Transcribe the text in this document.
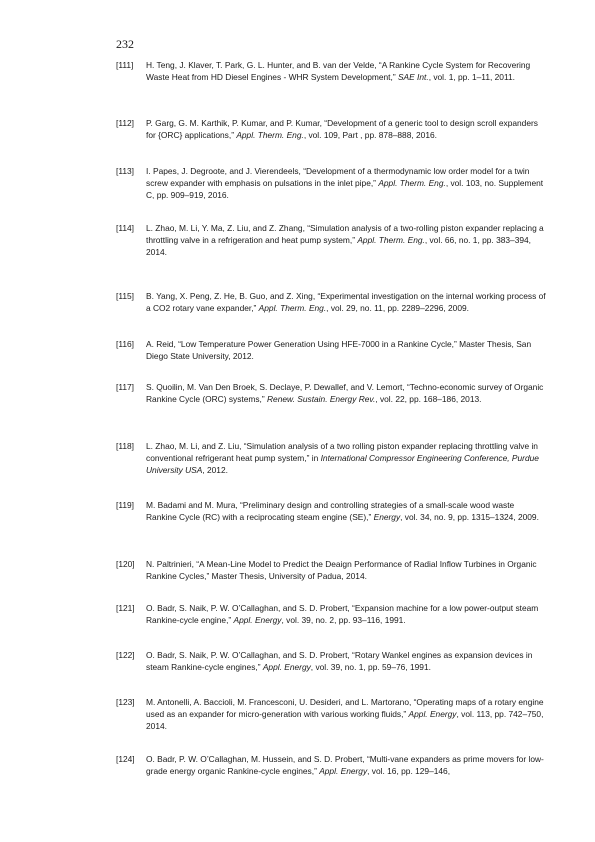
232
[111]	H. Teng, J. Klaver, T. Park, G. L. Hunter, and B. van der Velde, “A Rankine Cycle System for Recovering Waste Heat from HD Diesel Engines - WHR System Development,” SAE Int., vol. 1, pp. 1–11, 2011.
[112]	P. Garg, G. M. Karthik, P. Kumar, and P. Kumar, “Development of a generic tool to design scroll expanders for {ORC} applications,” Appl. Therm. Eng., vol. 109, Part , pp. 878–888, 2016.
[113]	I. Papes, J. Degroote, and J. Vierendeels, “Development of a thermodynamic low order model for a twin screw expander with emphasis on pulsations in the inlet pipe,” Appl. Therm. Eng., vol. 103, no. Supplement C, pp. 909–919, 2016.
[114]	L. Zhao, M. Li, Y. Ma, Z. Liu, and Z. Zhang, “Simulation analysis of a two-rolling piston expander replacing a throttling valve in a refrigeration and heat pump system,” Appl. Therm. Eng., vol. 66, no. 1, pp. 383–394, 2014.
[115]	B. Yang, X. Peng, Z. He, B. Guo, and Z. Xing, “Experimental investigation on the internal working process of a CO2 rotary vane expander,” Appl. Therm. Eng., vol. 29, no. 11, pp. 2289–2296, 2009.
[116]	A. Reid, “Low Temperature Power Generation Using HFE-7000 in a Rankine Cycle,” Master Thesis, San Diego State University, 2012.
[117]	S. Quoilin, M. Van Den Broek, S. Declaye, P. Dewallef, and V. Lemort, “Techno-economic survey of Organic Rankine Cycle (ORC) systems,” Renew. Sustain. Energy Rev., vol. 22, pp. 168–186, 2013.
[118]	L. Zhao, M. Li, and Z. Liu, “Simulation analysis of a two rolling piston expander replacing throttling valve in conventional refrigerant heat pump system,” in International Compressor Engineering Conference, Purdue University USA, 2012.
[119]	M. Badami and M. Mura, “Preliminary design and controlling strategies of a small-scale wood waste Rankine Cycle (RC) with a reciprocating steam engine (SE),” Energy, vol. 34, no. 9, pp. 1315–1324, 2009.
[120]	N. Paltrinieri, “A Mean-Line Model to Predict the Deaign Performance of Radial Inflow Turbines in Organic Rankine Cycles,” Master Thesis, University of Padua, 2014.
[121]	O. Badr, S. Naik, P. W. O’Callaghan, and S. D. Probert, “Expansion machine for a low power-output steam Rankine-cycle engine,” Appl. Energy, vol. 39, no. 2, pp. 93–116, 1991.
[122]	O. Badr, S. Naik, P. W. O’Callaghan, and S. D. Probert, “Rotary Wankel engines as expansion devices in steam Rankine-cycle engines,” Appl. Energy, vol. 39, no. 1, pp. 59–76, 1991.
[123]	M. Antonelli, A. Baccioli, M. Francesconi, U. Desideri, and L. Martorano, “Operating maps of a rotary engine used as an expander for micro-generation with various working fluids,” Appl. Energy, vol. 113, pp. 742–750, 2014.
[124]	O. Badr, P. W. O’Callaghan, M. Hussein, and S. D. Probert, “Multi-vane expanders as prime movers for low-grade energy organic Rankine-cycle engines,” Appl. Energy, vol. 16, pp. 129–146,
